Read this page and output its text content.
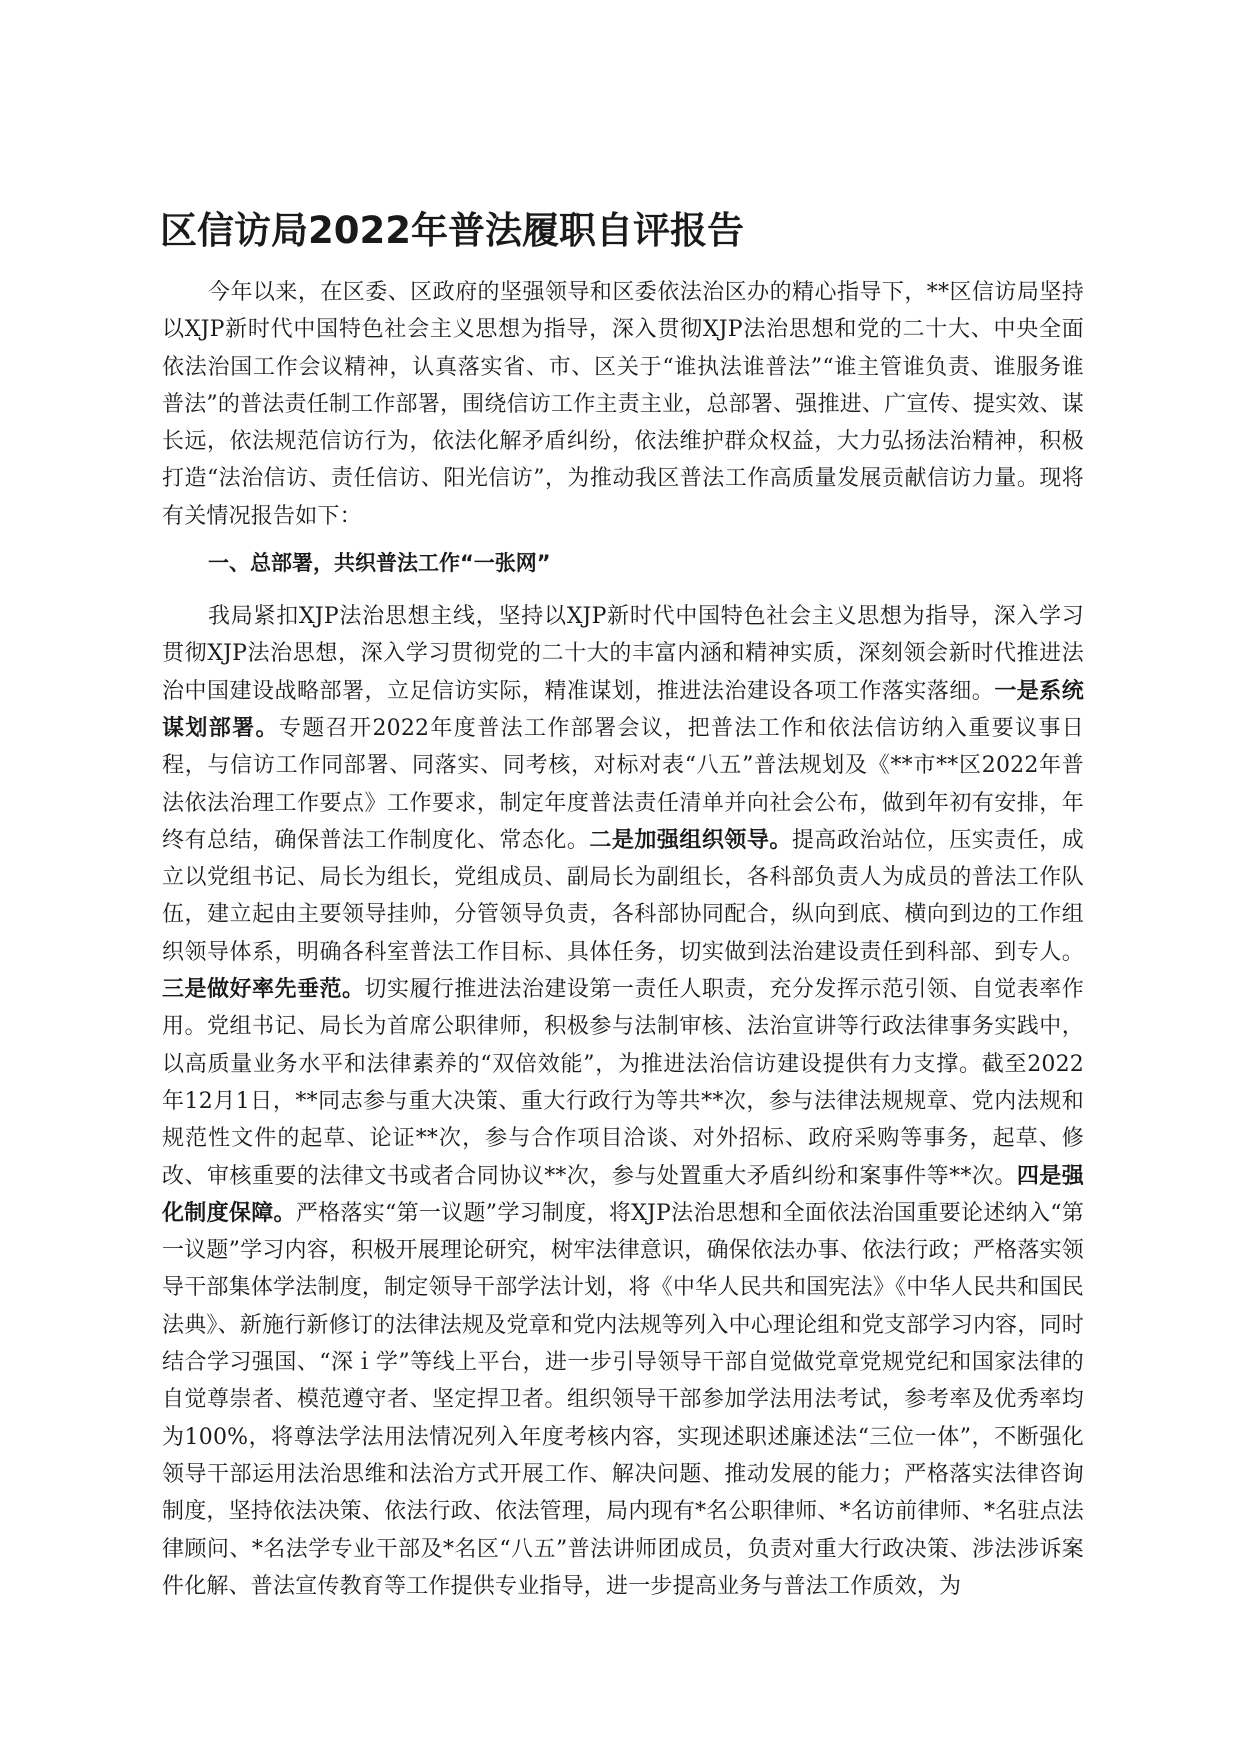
区信访局2022年普法履职自评报告

今年以来，在区委、区政府的坚强领导和区委依法治区办的精心指导下，**区信访局坚持以XJP新时代中国特色社会主义思想为指导，深入贯彻XJP法治思想和党的二十大、中央全面依法治国工作会议精神，认真落实省、市、区关于“谁执法谁普法”“谁主管谁负责、谁服务谁普法”的普法责任制工作部署，围绕信访工作主责主业，总部署、强推进、广宣传、提实效、谋长远，依法规范信访行为，依法化解矛盾纠纷，依法维护群众权益，大力弘扬法治精神，积极打造“法治信访、责任信访、阳光信访”，为推动我区普法工作高质量发展贡献信访力量。现将有关情况报告如下：

一、总部署，共织普法工作“一张网”

我局紧扣XJP法治思想主线，坚持以XJP新时代中国特色社会主义思想为指导，深入学习贯彻XJP法治思想，深入学习贯彻党的二十大的丰富内涵和精神实质，深刻领会新时代推进法治中国建设战略部署，立足信访实际，精准谋划，推进法治建设各项工作落实落细。一是系统谋划部署。专题召开2022年度普法工作部署会议，把普法工作和依法信访纳入重要议事日程，与信访工作同部署、同落实、同考核，对标对表“八五”普法规划及《**市**区2022年普法依法治理工作要点》工作要求，制定年度普法责任清单并向社会公布，做到年初有安排，年终有总结，确保普法工作制度化、常态化。二是加强组织领导。提高政治站位，压实责任，成立以党组书记、局长为组长，党组成员、副局长为副组长，各科部负责人为成员的普法工作队伍，建立起由主要领导挂帅，分管领导负责，各科部协同配合，纵向到底、横向到边的工作组织领导体系，明确各科室普法工作目标、具体任务，切实做到法治建设责任到科部、到专人。三是做好率先垂范。切实履行推进法治建设第一责任人职责，充分发挥示范引领、自觉表率作用。党组书记、局长为首席公职律师，积极参与法制审核、法治宣讲等行政法律事务实践中，以高质量业务水平和法律素养的“双倍效能”，为推进法治信访建设提供有力支撑。截至2022年12月1日，**同志参与重大决策、重大行政行为等共**次，参与法律法规规章、党内法规和规范性文件的起草、论证**次，参与合作项目洽谈、对外招标、政府采购等事务，起草、修改、审核重要的法律文书或者合同协议**次，参与处置重大矛盾纠纷和案事件等**次。四是强化制度保障。严格落实“第一议题”学习制度，将XJP法治思想和全面依法治国重要论述纳入“第一议题”学习内容，积极开展理论研究，树牢法律意识，确保依法办事、依法行政；严格落实领导干部集体学法制度，制定领导干部学法计划，将《中华人民共和国宪法》《中华人民共和国民法典》、新施行新修订的法律法规及党章和党内法规等列入中心理论组和党支部学习内容，同时结合学习强国、“深ｉ学”等线上平台，进一步引导领导干部自觉做党章党规党纪和国家法律的自觉尊崇者、模范遵守者、坚定捍卫者。组织领导干部参加学法用法考试，参考率及优秀率均为100%，将尊法学法用法情况列入年度考核内容，实现述职述廉述法“三位一体”，不断强化领导干部运用法治思维和法治方式开展工作、解决问题、推动发展的能力；严格落实法律咨询制度，坚持依法决策、依法行政、依法管理，局内现有*名公职律师、*名访前律师、*名驻点法律顾问、*名法学专业干部及*名区“八五”普法讲师团成员，负责对重大行政决策、涉法涉诉案件化解、普法宣传教育等工作提供专业指导，进一步提高业务与普法工作质效，为
